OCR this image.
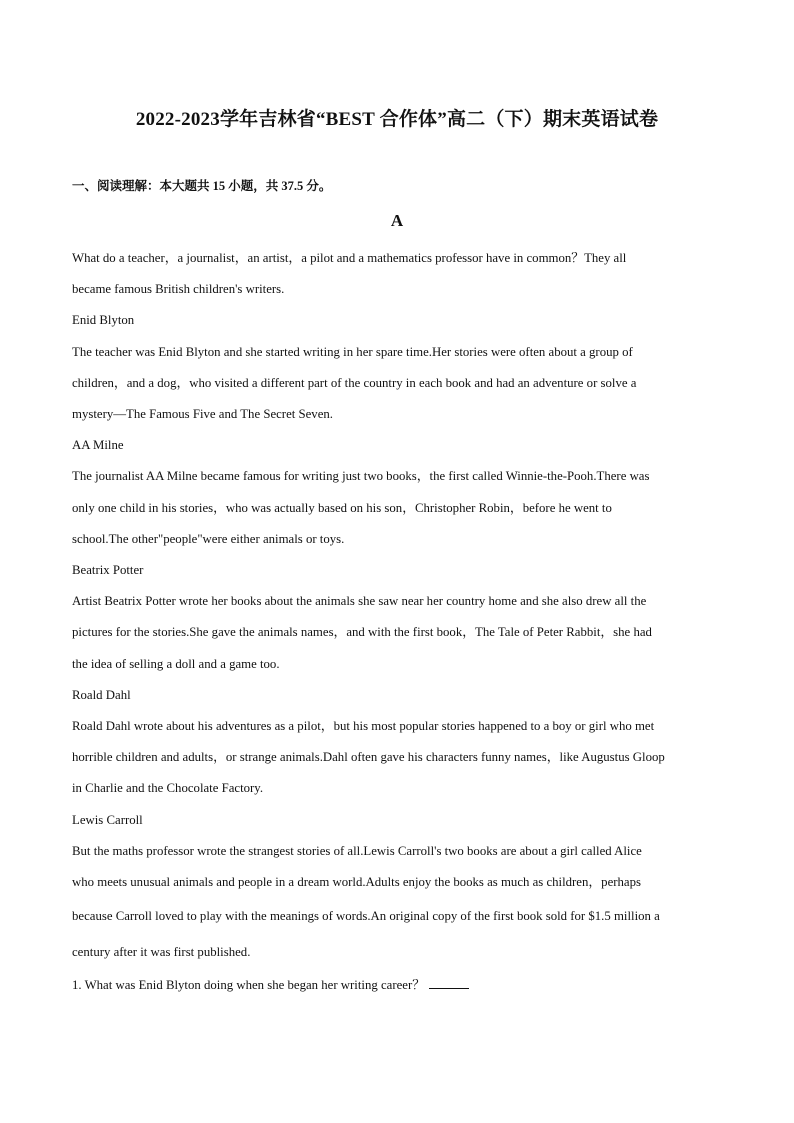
2022-2023学年吉林省“BEST 合作体”高二（下）期末英语试卷
一、阅读理解：本大题共 15 小题，共 37.5 分。
A
What do a teacher，a journalist，an artist，a pilot and a mathematics professor have in common？They all
became famous British children's writers.
Enid Blyton
The teacher was Enid Blyton and she started writing in her spare time.Her stories were often about a group of
children，and a dog，who visited a different part of the country in each book and had an adventure or solve a
mystery—The Famous Five and The Secret Seven.
AA Milne
The journalist AA Milne became famous for writing just two books，the first called Winnie-the-Pooh.There was
only one child in his stories，who was actually based on his son，Christopher Robin，before he went to
school.The other"people"were either animals or toys.
Beatrix Potter
Artist Beatrix Potter wrote her books about the animals she saw near her country home and she also drew all the
pictures for the stories.She gave the animals names，and with the first book，The Tale of Peter Rabbit，she had
the idea of selling a doll and a game too.
Roald Dahl
Roald Dahl wrote about his adventures as a pilot，but his most popular stories happened to a boy or girl who met
horrible children and adults，or strange animals.Dahl often gave his characters funny names，like Augustus Gloop
in Charlie and the Chocolate Factory.
Lewis Carroll
But the maths professor wrote the strangest stories of all.Lewis Carroll's two books are about a girl called Alice
who meets unusual animals and people in a dream world.Adults enjoy the books as much as children，perhaps
because Carroll loved to play with the meanings of words.An original copy of the first book sold for $1.5 million a
century after it was first published.
1. What was Enid Blyton doing when she began her writing career？
